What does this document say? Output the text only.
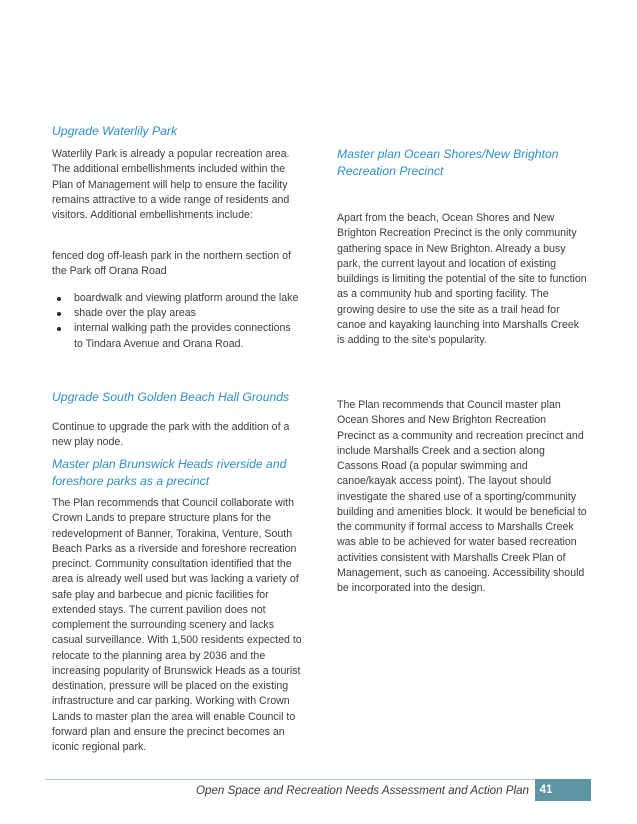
Upgrade Waterlily Park

Waterlily Park is already a popular recreation area. The additional embellishments included within the Plan of Management will help to ensure the facility remains attractive to a wide range of residents and visitors. Additional embellishments include:

fenced dog off-leash park in the northern section of the Park off Orana Road

boardwalk and viewing platform around the lake
shade over the play areas
internal walking path the provides connections to Tindara Avenue and Orana Road.
Upgrade South Golden Beach Hall Grounds

Continue to upgrade the park with the addition of a new play node.

Master plan Brunswick Heads riverside and foreshore parks as a precinct

The Plan recommends that Council collaborate with Crown Lands to prepare structure plans for the redevelopment of Banner, Torakina, Venture, South Beach Parks as a riverside and foreshore recreation precinct. Community consultation identified that the area is already well used but was lacking a variety of safe play and barbecue and picnic facilities for extended stays. The current pavilion does not complement the surrounding scenery and lacks casual surveillance. With 1,500 residents expected to relocate to the planning area by 2036 and the increasing popularity of Brunswick Heads as a tourist destination, pressure will be placed on the existing infrastructure and car parking. Working with Crown Lands to master plan the area will enable Council to forward plan and ensure the precinct becomes an iconic regional park.

Master plan Ocean Shores/New Brighton Recreation Precinct

Apart from the beach, Ocean Shores and New Brighton Recreation Precinct is the only community gathering space in New Brighton. Already a busy park, the current layout and location of existing buildings is limiting the potential of the site to function as a community hub and sporting facility. The growing desire to use the site as a trail head for canoe and kayaking launching into Marshalls Creek is adding to the site’s popularity.

The Plan recommends that Council master plan Ocean Shores and New Brighton Recreation Precinct as a community and recreation precinct and include Marshalls Creek and a section along Cassons Road (a popular swimming and canoe/kayak access point). The layout should investigate the shared use of a sporting/community building and amenities block. It would be beneficial to the community if formal access to Marshalls Creek was able to be achieved for water based recreation activities consistent with Marshalls Creek Plan of Management, such as canoeing. Accessibility should be incorporated into the design.

Open Space and Recreation Needs Assessment and Action Plan 41
